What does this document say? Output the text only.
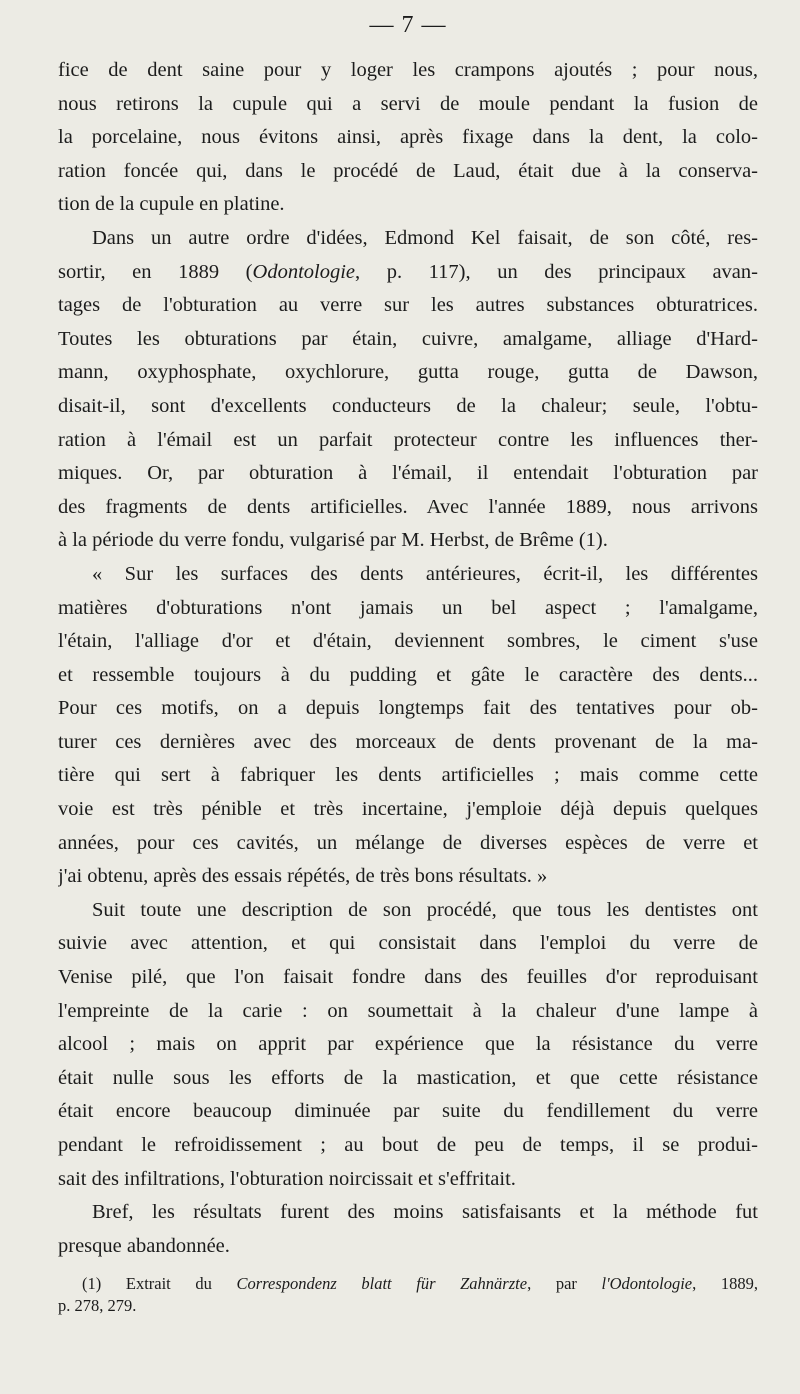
— 7 —

fice de dent saine pour y loger les crampons ajoutés ; pour nous,
nous retirons la cupule qui a servi de moule pendant la fusion de
la porcelaine, nous évitons ainsi, après fixage dans la dent, la colo-
ration foncée qui, dans le procédé de Laud, était due à la conserva-
tion de la cupule en platine.

Dans un autre ordre d'idées, Edmond Kel faisait, de son côté, res-
sortir, en 1889 (Odontologie, p. 117), un des principaux avan-
tages de l'obturation au verre sur les autres substances obturatrices.
Toutes les obturations par étain, cuivre, amalgame, alliage d'Hard-
mann, oxyphosphate, oxychlorure, gutta rouge, gutta de Dawson,
disait-il, sont d'excellents conducteurs de la chaleur; seule, l'obtu-
ration à l'émail est un parfait protecteur contre les influences ther-
miques. Or, par obturation à l'émail, il entendait l'obturation par
des fragments de dents artificielles. Avec l'année 1889, nous arrivons
à la période du verre fondu, vulgarisé par M. Herbst, de Brême (1).

« Sur les surfaces des dents antérieures, écrit-il, les différentes
matières d'obturations n'ont jamais un bel aspect ; l'amalgame,
l'étain, l'alliage d'or et d'étain, deviennent sombres, le ciment s'use
et ressemble toujours à du pudding et gâte le caractère des dents...
Pour ces motifs, on a depuis longtemps fait des tentatives pour ob-
turer ces dernières avec des morceaux de dents provenant de la ma-
tière qui sert à fabriquer les dents artificielles ; mais comme cette
voie est très pénible et très incertaine, j'emploie déjà depuis quelques
années, pour ces cavités, un mélange de diverses espèces de verre et
j'ai obtenu, après des essais répétés, de très bons résultats. »

Suit toute une description de son procédé, que tous les dentistes ont
suivie avec attention, et qui consistait dans l'emploi du verre de
Venise pilé, que l'on faisait fondre dans des feuilles d'or reproduisant
l'empreinte de la carie : on soumettait à la chaleur d'une lampe à
alcool ; mais on apprit par expérience que la résistance du verre
était nulle sous les efforts de la mastication, et que cette résistance
était encore beaucoup diminuée par suite du fendillement du verre
pendant le refroidissement ; au bout de peu de temps, il se produi-
sait des infiltrations, l'obturation noircissait et s'effritait.

Bref, les résultats furent des moins satisfaisants et la méthode fut
presque abandonnée.

(1) Extrait du Correspondenz blatt für Zahnärzte, par l'Odontologie, 1889,
p. 278, 279.
